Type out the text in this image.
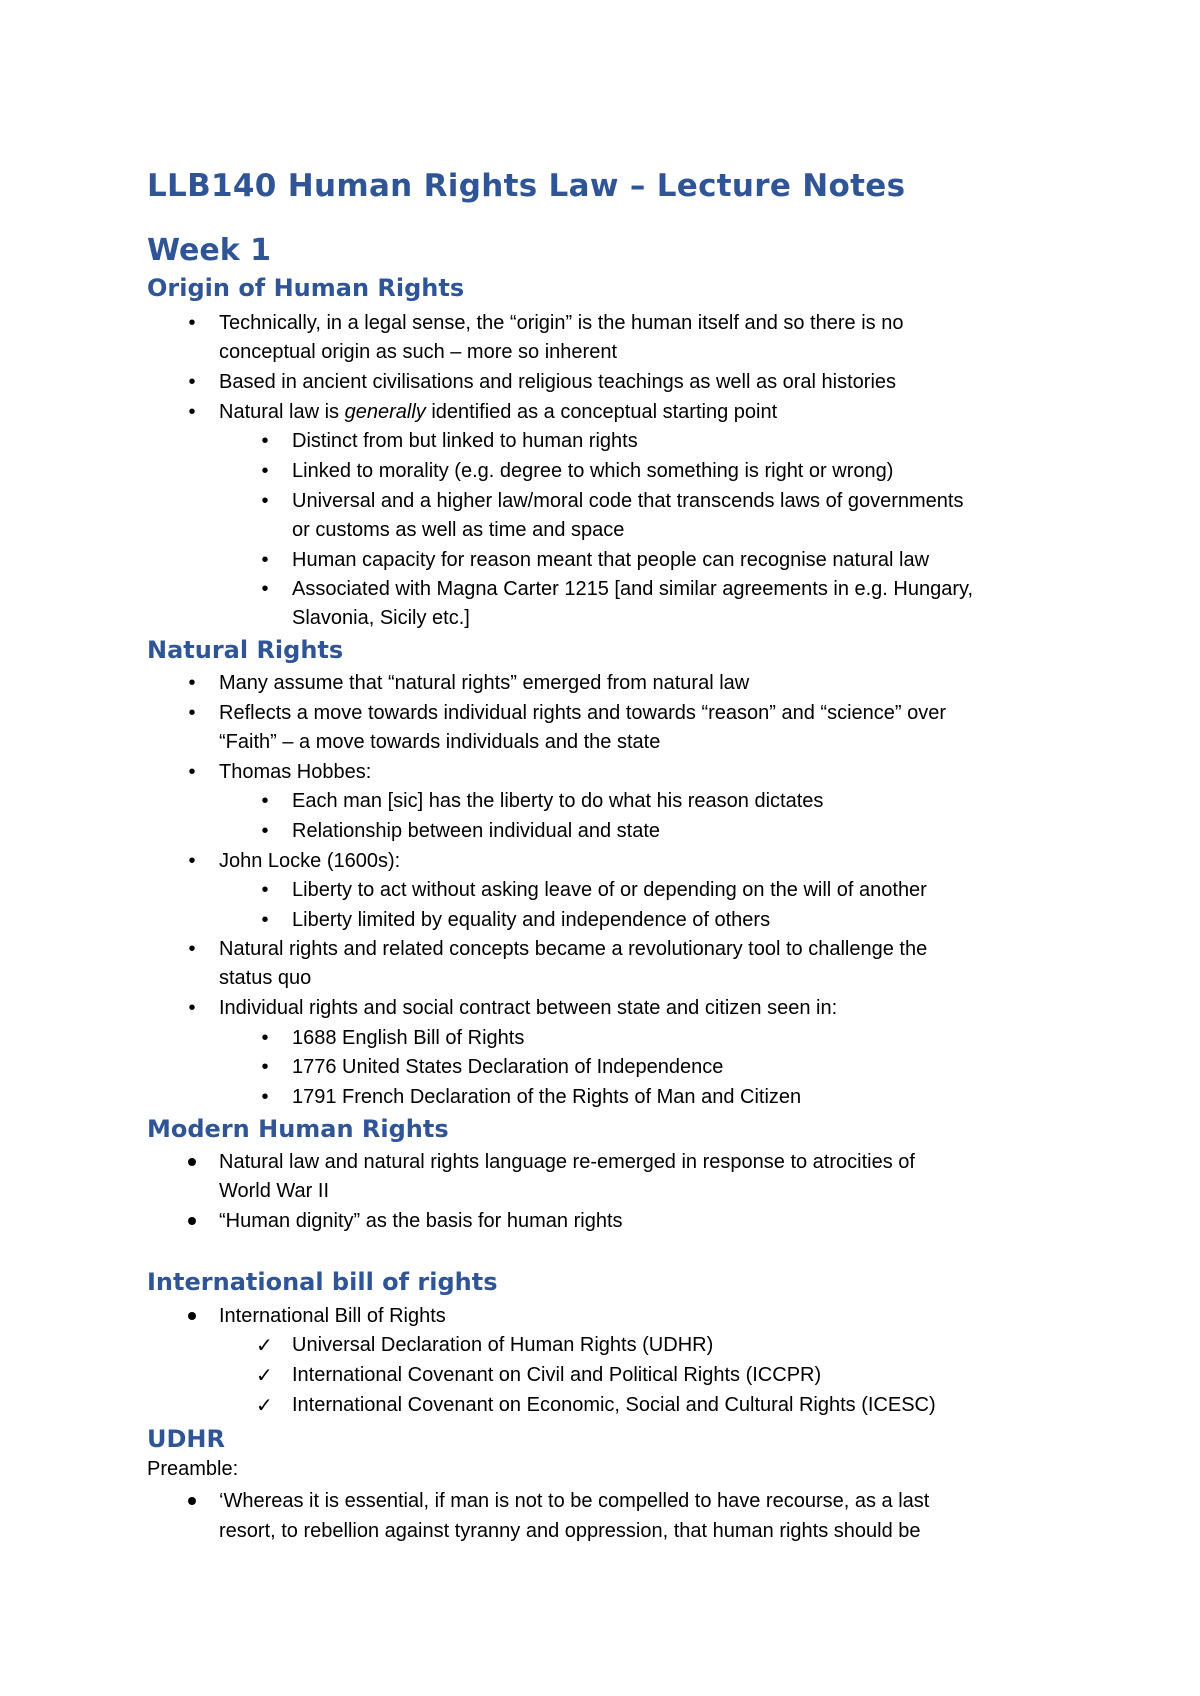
LLB140 Human Rights Law – Lecture Notes
Week 1
Origin of Human Rights
• Technically, in a legal sense, the “origin” is the human itself and so there is no

conceptual origin as such – more so inherent

• Based in ancient civilisations and religious teachings as well as oral histories

• Natural law is generally identified as a conceptual starting point

• Distinct from but linked to human rights

• Linked to morality (e.g. degree to which something is right or wrong)

• Universal and a higher law/moral code that transcends laws of governments

or customs as well as time and space

• Human capacity for reason meant that people can recognise natural law

• Associated with Magna Carter 1215 [and similar agreements in e.g. Hungary,

Slavonia, Sicily etc.]

Natural Rights
• Many assume that “natural rights” emerged from natural law

• Reflects a move towards individual rights and towards “reason” and “science” over

“Faith” – a move towards individuals and the state

• Thomas Hobbes:

• Each man [sic] has the liberty to do what his reason dictates

• Relationship between individual and state

• John Locke (1600s):

• Liberty to act without asking leave of or depending on the will of another

• Liberty limited by equality and independence of others

• Natural rights and related concepts became a revolutionary tool to challenge the

status quo

• Individual rights and social contract between state and citizen seen in:

• 1688 English Bill of Rights

• 1776 United States Declaration of Independence

• 1791 French Declaration of the Rights of Man and Citizen

Modern Human Rights

Natural law and natural rights language re-emerged in response to atrocities of

World War II

“Human dignity” as the basis for human rights

International bill of rights

International Bill of Rights

✓ Universal Declaration of Human Rights (UDHR)

✓ International Covenant on Civil and Political Rights (ICCPR)

✓ International Covenant on Economic, Social and Cultural Rights (ICESC)

UDHR

Preamble:

‘Whereas it is essential, if man is not to be compelled to have recourse, as a last

resort, to rebellion against tyranny and oppression, that human rights should be
